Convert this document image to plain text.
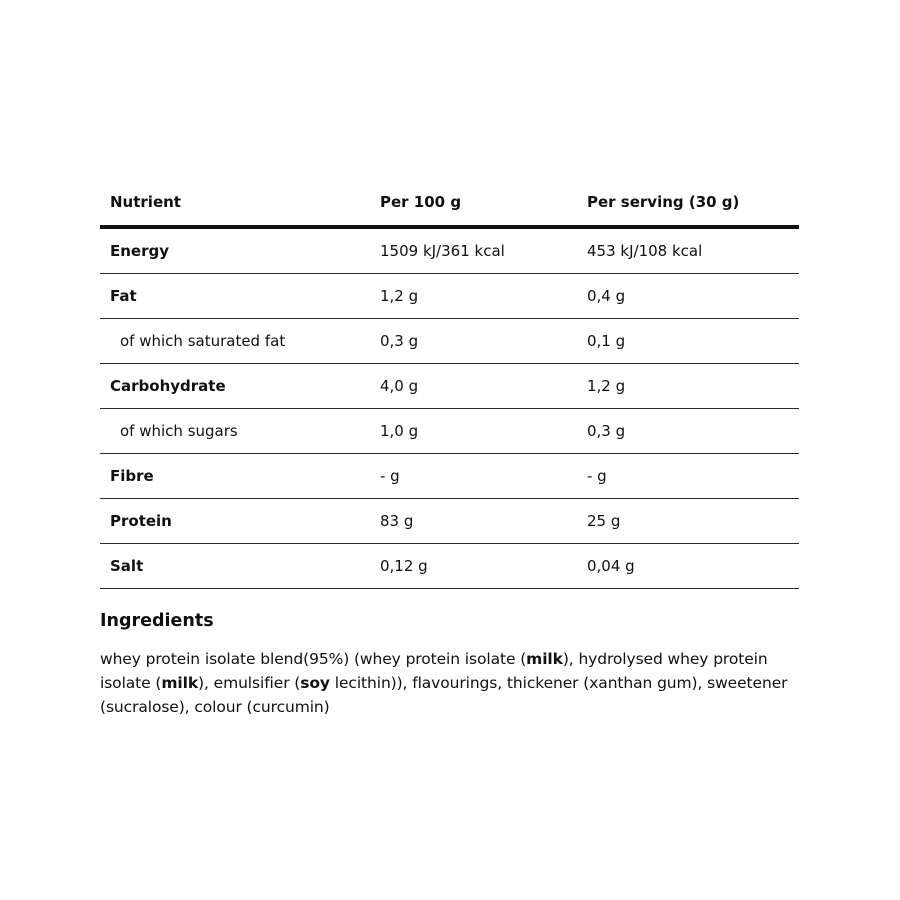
Nutrient	Per 100 g	Per serving (30 g)
Energy	1509 kJ/361 kcal	453 kJ/108 kcal
Fat	1,2 g	0,4 g
of which saturated fat	0,3 g	0,1 g
Carbohydrate	4,0 g	1,2 g
of which sugars	1,0 g	0,3 g
Fibre	- g	- g
Protein	83 g	25 g
Salt	0,12 g	0,04 g
Ingredients

whey protein isolate blend(95%) (whey protein isolate (milk), hydrolysed whey protein isolate (milk), emulsifier (soy lecithin)), flavourings, thickener (xanthan gum), sweetener (sucralose), colour (curcumin)
